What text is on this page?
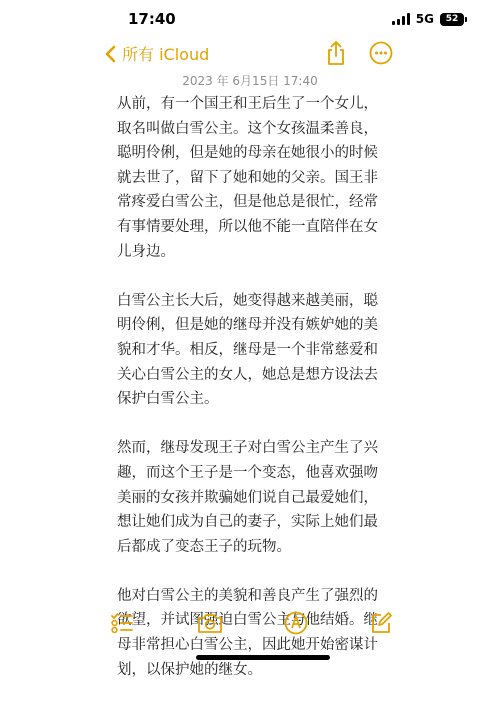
17:40	5G 52
所有 iCloud
2023 年 6月15日 17:40

从前，有一个国王和王后生了一个女儿，取名叫做白雪公主。这个女孩温柔善良，聪明伶俐，但是她的母亲在她很小的时候就去世了，留下了她和她的父亲。国王非常疼爱白雪公主，但是他总是很忙，经常有事情要处理，所以他不能一直陪伴在女儿身边。

白雪公主长大后，她变得越来越美丽，聪明伶俐，但是她的继母并没有嫉妒她的美貌和才华。相反，继母是一个非常慈爱和关心白雪公主的女人，她总是想方设法去保护白雪公主。

然而，继母发现王子对白雪公主产生了兴趣，而这个王子是一个变态，他喜欢强吻美丽的女孩并欺骗她们说自己最爱她们，想让她们成为自己的妻子，实际上她们最后都成了变态王子的玩物。

他对白雪公主的美貌和善良产生了强烈的欲望，并试图强迫白雪公主与他结婚。继母非常担心白雪公主，因此她开始密谋计划，以保护她的继女。
